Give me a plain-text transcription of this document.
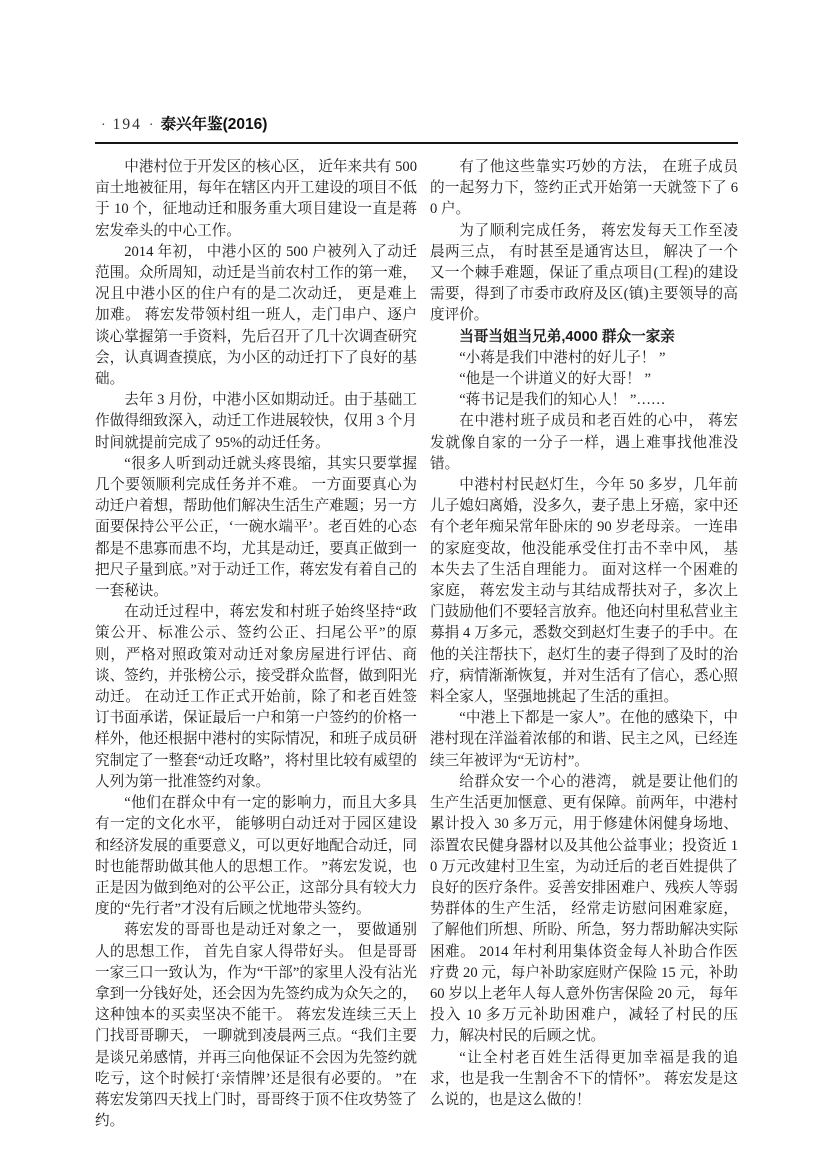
· 194 · 泰兴年鉴(2016)

中港村位于开发区的核心区， 近年来共有 500 亩土地被征用，每年在辖区内开工建设的项目不低于 10 个，征地动迁和服务重大项目建设一直是蒋宏发牵头的中心工作。

2014 年初， 中港小区的 500 户被列入了动迁范围。众所周知，动迁是当前农村工作的第一难，况且中港小区的住户有的是二次动迁， 更是难上加难。 蒋宏发带领村组一班人，走门串户、逐户谈心掌握第一手资料，先后召开了几十次调查研究会，认真调查摸底，为小区的动迁打下了良好的基础。

去年 3 月份，中港小区如期动迁。由于基础工作做得细致深入，动迁工作进展较快，仅用 3 个月时间就提前完成了 95%的动迁任务。

“很多人听到动迁就头疼畏缩，其实只要掌握几个要领顺利完成任务并不难。 一方面要真心为动迁户着想，帮助他们解决生活生产难题；另一方面要保持公平公正，‘一碗水端平’。老百姓的心态都是不患寡而患不均，尤其是动迁，要真正做到一把尺子量到底。”对于动迁工作，蒋宏发有着自己的一套秘诀。

在动迁过程中，蒋宏发和村班子始终坚持“政策公开、标准公示、签约公正、扫尾公平”的原则，严格对照政策对动迁对象房屋进行评估、商谈、签约，并张榜公示，接受群众监督，做到阳光动迁。 在动迁工作正式开始前，除了和老百姓签订书面承诺，保证最后一户和第一户签约的价格一样外，他还根据中港村的实际情况，和班子成员研究制定了一整套“动迁攻略”，将村里比较有威望的人列为第一批准签约对象。

“他们在群众中有一定的影响力，而且大多具有一定的文化水平， 能够明白动迁对于园区建设和经济发展的重要意义，可以更好地配合动迁，同时也能帮助做其他人的思想工作。 ”蒋宏发说，也正是因为做到绝对的公平公正，这部分具有较大力度的“先行者”才没有后顾之忧地带头签约。

蒋宏发的哥哥也是动迁对象之一， 要做通别人的思想工作， 首先自家人得带好头。 但是哥哥一家三口一致认为，作为“干部”的家里人没有沾光拿到一分钱好处，还会因为先签约成为众矢之的，这种蚀本的买卖坚决不能干。 蒋宏发连续三天上门找哥哥聊天， 一聊就到凌晨两三点。“我们主要是谈兄弟感情，并再三向他保证不会因为先签约就吃亏，这个时候打‘亲情牌’还是很有必要的。 ”在蒋宏发第四天找上门时，哥哥终于顶不住攻势签了约。

有了他这些靠实巧妙的方法， 在班子成员的一起努力下，签约正式开始第一天就签下了 60 户。

为了顺利完成任务， 蒋宏发每天工作至凌晨两三点， 有时甚至是通宵达旦， 解决了一个又一个棘手难题，保证了重点项目(工程)的建设需要，得到了市委市政府及区(镇)主要领导的高度评价。

当哥当姐当兄弟,4000 群众一家亲

“小蒋是我们中港村的好儿子！ ”

“他是一个讲道义的好大哥！ ”

“蒋书记是我们的知心人！ ”……

在中港村班子成员和老百姓的心中， 蒋宏发就像自家的一分子一样，遇上难事找他准没错。

中港村村民赵灯生，今年 50 多岁，几年前儿子媳妇离婚，没多久，妻子患上牙癌，家中还有个老年痴呆常年卧床的 90 岁老母亲。 一连串的家庭变故，他没能承受住打击不幸中风， 基本失去了生活自理能力。 面对这样一个困难的家庭， 蒋宏发主动与其结成帮扶对子，多次上门鼓励他们不要轻言放弃。他还向村里私营业主募捐 4 万多元，悉数交到赵灯生妻子的手中。在他的关注帮扶下，赵灯生的妻子得到了及时的治疗，病情渐渐恢复，并对生活有了信心，悉心照料全家人，坚强地挑起了生活的重担。

“中港上下都是一家人”。在他的感染下，中港村现在洋溢着浓郁的和谐、民主之风，已经连续三年被评为“无访村”。

给群众安一个心的港湾， 就是要让他们的生产生活更加惬意、更有保障。前两年，中港村累计投入 30 多万元，用于修建休闲健身场地、添置农民健身器材以及其他公益事业；投资近 10 万元改建村卫生室，为动迁后的老百姓提供了良好的医疗条件。妥善安排困难户、残疾人等弱势群体的生产生活， 经常走访慰问困难家庭，了解他们所想、所盼、所急，努力帮助解决实际困难。 2014 年村利用集体资金每人补助合作医疗费 20 元，每户补助家庭财产保险 15 元，补助 60 岁以上老年人每人意外伤害保险 20 元， 每年投入 10 多万元补助困难户，减轻了村民的压力，解决村民的后顾之忧。

“让全村老百姓生活得更加幸福是我的追求，也是我一生割舍不下的情怀”。 蒋宏发是这么说的，也是这么做的！
